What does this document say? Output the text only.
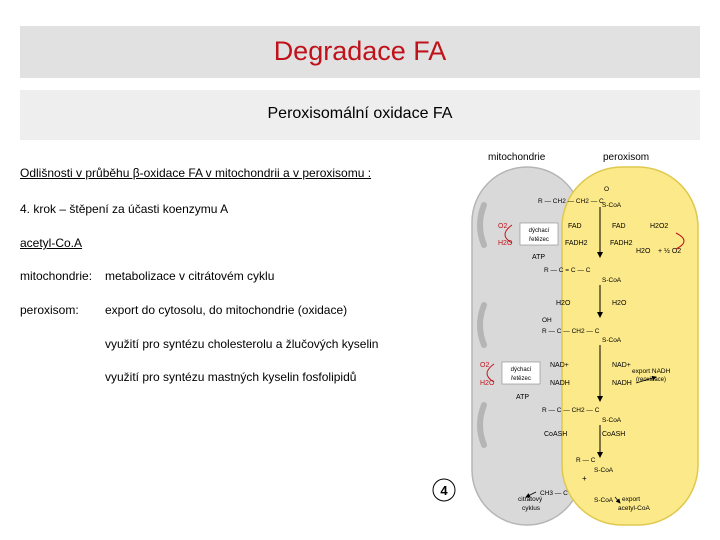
Degradace FA
Peroxisomální oxidace FA
Odlišnosti v průběhu β-oxidace FA v mitochondrii a v peroxisomu :
4. krok – štěpení za účasti koenzymu A
acetyl-Co.A
mitochondrie: metabolizace v citrátovém cyklu
peroxisom: export do cytosolu, do mitochondrie (oxidace)
využití pro syntézu cholesterolu a žlučových kyselin
využití pro syntézu mastných kyselin fosfolipidů
mitochondrie	peroxisom
R — CH2 — CH2 — C
O
S-CoA
O2
H2O
dýchací
řetězec
FAD
FADH2
ATP
FAD
FADH2
H2O2
H2O + ½ O2
R — C = C — C
S-CoA
H2O	H2O
OH
R — C — CH2 — C
S-CoA
O2
H2O
dýchací
řetězec
NAD+
NADH
ATP
NAD+
NADH
export NADH
(reoxidace)
R — C — CH2 — C
S-CoA
CoASH	CoASH
R — C
S-CoA
+
CH3 — C
S-CoA
citrátový
cyklus
export
acetyl-CoA
4
